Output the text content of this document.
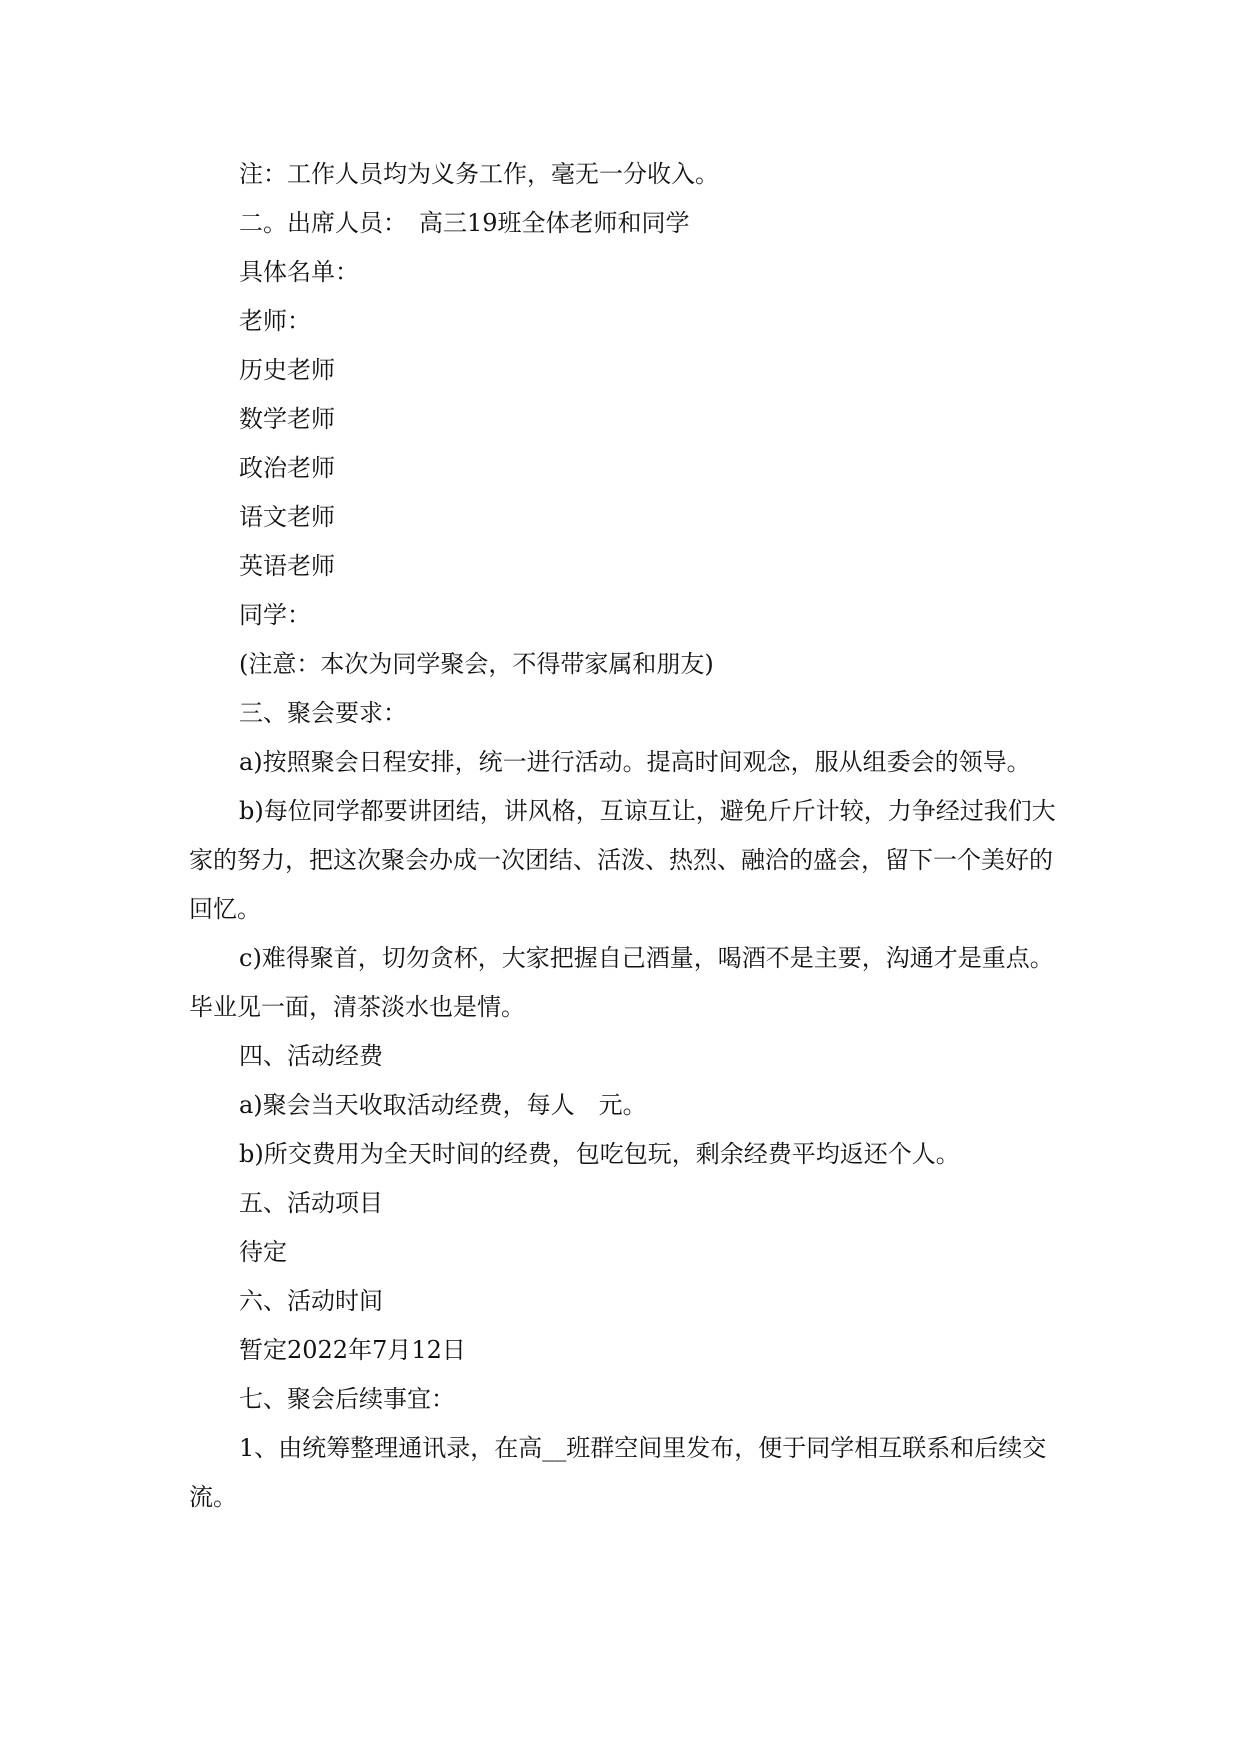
注：工作人员均为义务工作，毫无一分收入。

二。出席人员：　高三19班全体老师和同学

具体名单：

老师：

历史老师

数学老师

政治老师

语文老师

英语老师

同学：

(注意：本次为同学聚会，不得带家属和朋友)

三、聚会要求：

a)按照聚会日程安排，统一进行活动。提高时间观念，服从组委会的领导。

b)每位同学都要讲团结，讲风格，互谅互让，避免斤斤计较，力争经过我们大家的努力，把这次聚会办成一次团结、活泼、热烈、融洽的盛会，留下一个美好的回忆。

c)难得聚首，切勿贪杯，大家把握自己酒量，喝酒不是主要，沟通才是重点。毕业见一面，清茶淡水也是情。

四、活动经费

a)聚会当天收取活动经费，每人　元。

b)所交费用为全天时间的经费，包吃包玩，剩余经费平均返还个人。

五、活动项目

待定

六、活动时间

暂定2022年7月12日

七、聚会后续事宜：

1、由统筹整理通讯录，在高__班群空间里发布，便于同学相互联系和后续交流。
